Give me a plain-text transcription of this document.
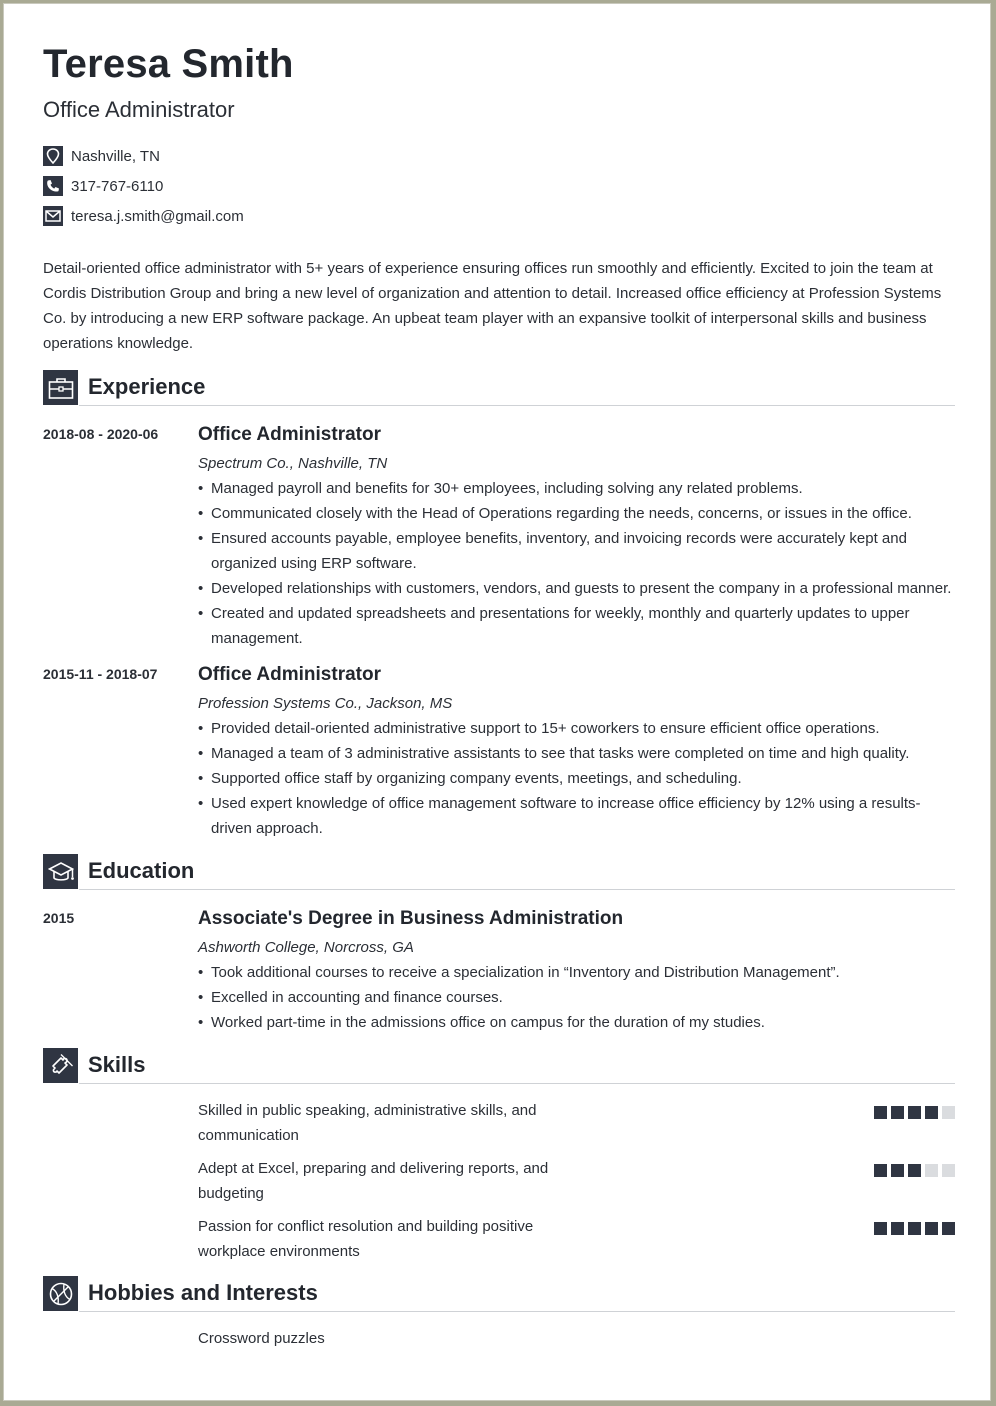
Teresa Smith
Office Administrator
Nashville, TN
317-767-6110
teresa.j.smith@gmail.com
Detail-oriented office administrator with 5+ years of experience ensuring offices run smoothly and efficiently. Excited to join the team at Cordis Distribution Group and bring a new level of organization and attention to detail. Increased office efficiency at Profession Systems Co. by introducing a new ERP software package. An upbeat team player with an expansive toolkit of interpersonal skills and business operations knowledge.
Experience
2018-08 - 2020-06 Office Administrator
Spectrum Co., Nashville, TN
• Managed payroll and benefits for 30+ employees, including solving any related problems.
• Communicated closely with the Head of Operations regarding the needs, concerns, or issues in the office.
• Ensured accounts payable, employee benefits, inventory, and invoicing records were accurately kept and organized using ERP software.
• Developed relationships with customers, vendors, and guests to present the company in a professional manner.
• Created and updated spreadsheets and presentations for weekly, monthly and quarterly updates to upper management.
2015-11 - 2018-07 Office Administrator
Profession Systems Co., Jackson, MS
• Provided detail-oriented administrative support to 15+ coworkers to ensure efficient office operations.
• Managed a team of 3 administrative assistants to see that tasks were completed on time and high quality.
• Supported office staff by organizing company events, meetings, and scheduling.
• Used expert knowledge of office management software to increase office efficiency by 12% using a results-driven approach.
Education
2015	Associate's Degree in Business Administration
Ashworth College, Norcross, GA
• Took additional courses to receive a specialization in “Inventory and Distribution Management”.
• Excelled in accounting and finance courses.
• Worked part-time in the admissions office on campus for the duration of my studies.
Skills
Skilled in public speaking, administrative skills, and communication
Adept at Excel, preparing and delivering reports, and budgeting
Passion for conflict resolution and building positive workplace environments
Hobbies and Interests
Crossword puzzles
